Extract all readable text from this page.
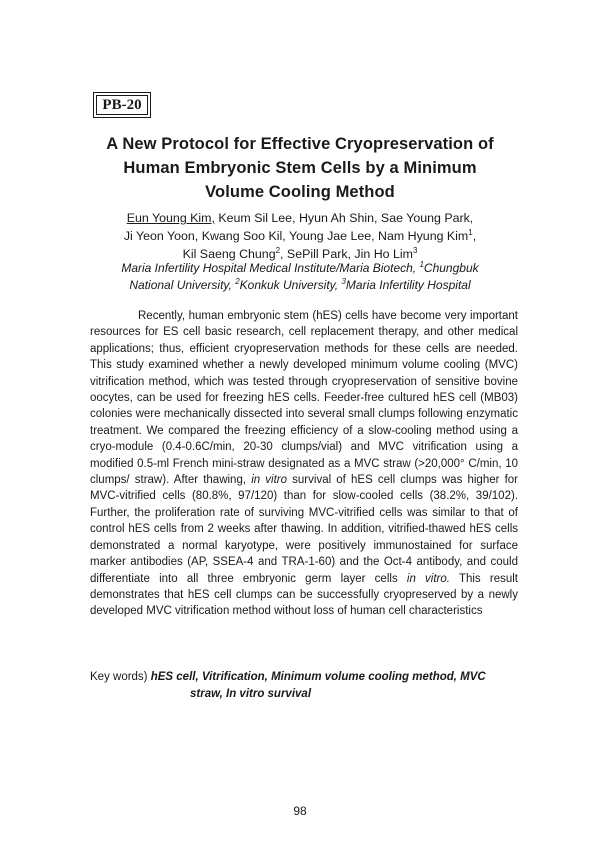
PB-20
A New Protocol for Effective Cryopreservation of
Human Embryonic Stem Cells by a Minimum
Volume Cooling Method
Eun Young Kim, Keum Sil Lee, Hyun Ah Shin, Sae Young Park,
Ji Yeon Yoon, Kwang Soo Kil, Young Jae Lee, Nam Hyung Kim$^1$,
Kil Saeng Chung$^2$, SePill Park, Jin Ho Lim$^3$
Maria Infertility Hospital Medical Institute/Maria Biotech, $^1$Chungbuk
National University, $^2$Konkuk University, $^3$Maria Infertility Hospital

Recently, human embryonic stem (hES) cells have become very important resources for ES cell basic research, cell replacement therapy, and other medical applications; thus, efficient cryopreservation methods for these cells are needed. This study examined whether a newly developed minimum volume cooling (MVC) vitrification method, which was tested through cryopreservation of sensitive bovine oocytes, can be used for freezing hES cells. Feeder-free cultured hES cell (MB03) colonies were mechanically dissected into several small clumps following enzymatic treatment. We compared the freezing efficiency of a slow-cooling method using a cryo-module (0.4-0.6C/min, 20-30 clumps/vial) and MVC vitrification using a modified 0.5-ml French mini-straw designated as a MVC straw (>20,000° C/min, 10 clumps/ straw). After thawing, in vitro survival of hES cell clumps was higher for MVC-vitrified cells (80.8%, 97/120) than for slow-cooled cells (38.2%, 39/102). Further, the proliferation rate of surviving MVC-vitrified cells was similar to that of control hES cells from 2 weeks after thawing. In addition, vitrified-thawed hES cells demonstrated a normal karyotype, were positively immunostained for surface marker antibodies (AP, SSEA-4 and TRA-1-60) and the Oct-4 antibody, and could differentiate into all three embryonic germ layer cells in vitro. This result demonstrates that hES cell clumps can be successfully cryopreserved by a newly developed MVC vitrification method without loss of human cell characteristics

Key words) hES cell, Vitrification, Minimum volume cooling method, MVC
straw, In vitro survival
98
